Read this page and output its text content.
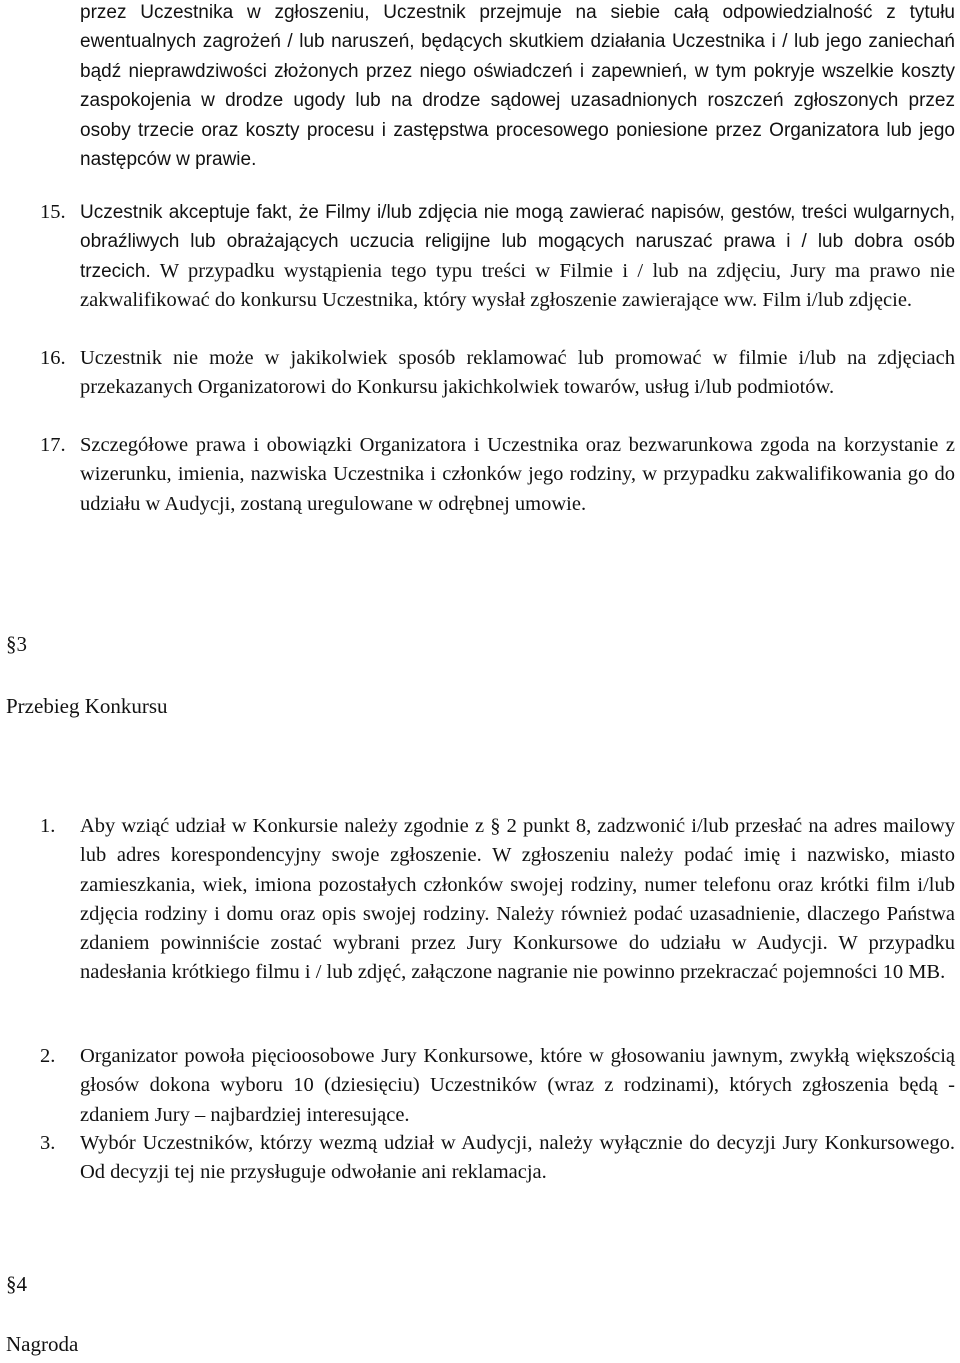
przez Uczestnika w zgłoszeniu, Uczestnik przejmuje na siebie całą odpowiedzialność z tytułu ewentualnych zagrożeń / lub naruszeń, będących skutkiem działania Uczestnika i / lub jego zaniechań bądź nieprawdziwości złożonych przez niego oświadczeń i zapewnień, w tym pokryje wszelkie koszty zaspokojenia w drodze ugody lub na drodze sądowej uzasadnionych roszczeń zgłoszonych przez osoby trzecie oraz koszty procesu i zastępstwa procesowego poniesione przez Organizatora lub jego następców w prawie.
15. Uczestnik akceptuje fakt, że Filmy i/lub zdjęcia nie mogą zawierać napisów, gestów, treści wulgarnych, obraźliwych lub obrażających uczucia religijne lub mogących naruszać prawa i / lub dobra osób trzecich. W przypadku wystąpienia tego typu treści w Filmie i / lub na zdjęciu, Jury ma prawo nie zakwalifikować do konkursu Uczestnika, który wysłał zgłoszenie zawierające ww. Film i/lub zdjęcie.
16. Uczestnik nie może w jakikolwiek sposób reklamować lub promować w filmie i/lub na zdjęciach przekazanych Organizatorowi do Konkursu jakichkolwiek towarów, usług i/lub podmiotów.
17. Szczegółowe prawa i obowiązki Organizatora i Uczestnika oraz bezwarunkowa zgoda na korzystanie z wizerunku, imienia, nazwiska Uczestnika i członków jego rodziny, w przypadku zakwalifikowania go do udziału w Audycji, zostaną uregulowane w odrębnej umowie.
§3
Przebieg Konkursu
1. Aby wziąć udział w Konkursie należy zgodnie z § 2 punkt 8, zadzwonić i/lub przesłać na adres mailowy lub adres korespondencyjny swoje zgłoszenie. W zgłoszeniu należy podać imię i nazwisko, miasto zamieszkania, wiek, imiona pozostałych członków swojej rodziny, numer telefonu oraz krótki film i/lub zdjęcia rodziny i domu oraz opis swojej rodziny. Należy również podać uzasadnienie, dlaczego Państwa zdaniem powinniście zostać wybrani przez Jury Konkursowe do udziału w Audycji. W przypadku nadesłania krótkiego filmu i / lub zdjęć, załączone nagranie nie powinno przekraczać pojemności 10 MB.
2. Organizator powoła pięcioosobowe Jury Konkursowe, które w głosowaniu jawnym, zwykłą większością głosów dokona wyboru 10 (dziesięciu) Uczestników (wraz z rodzinami), których zgłoszenia będą - zdaniem Jury – najbardziej interesujące.
3. Wybór Uczestników, którzy wezmą udział w Audycji, należy wyłącznie do decyzji Jury Konkursowego. Od decyzji tej nie przysługuje odwołanie ani reklamacja.
§4
Nagroda
